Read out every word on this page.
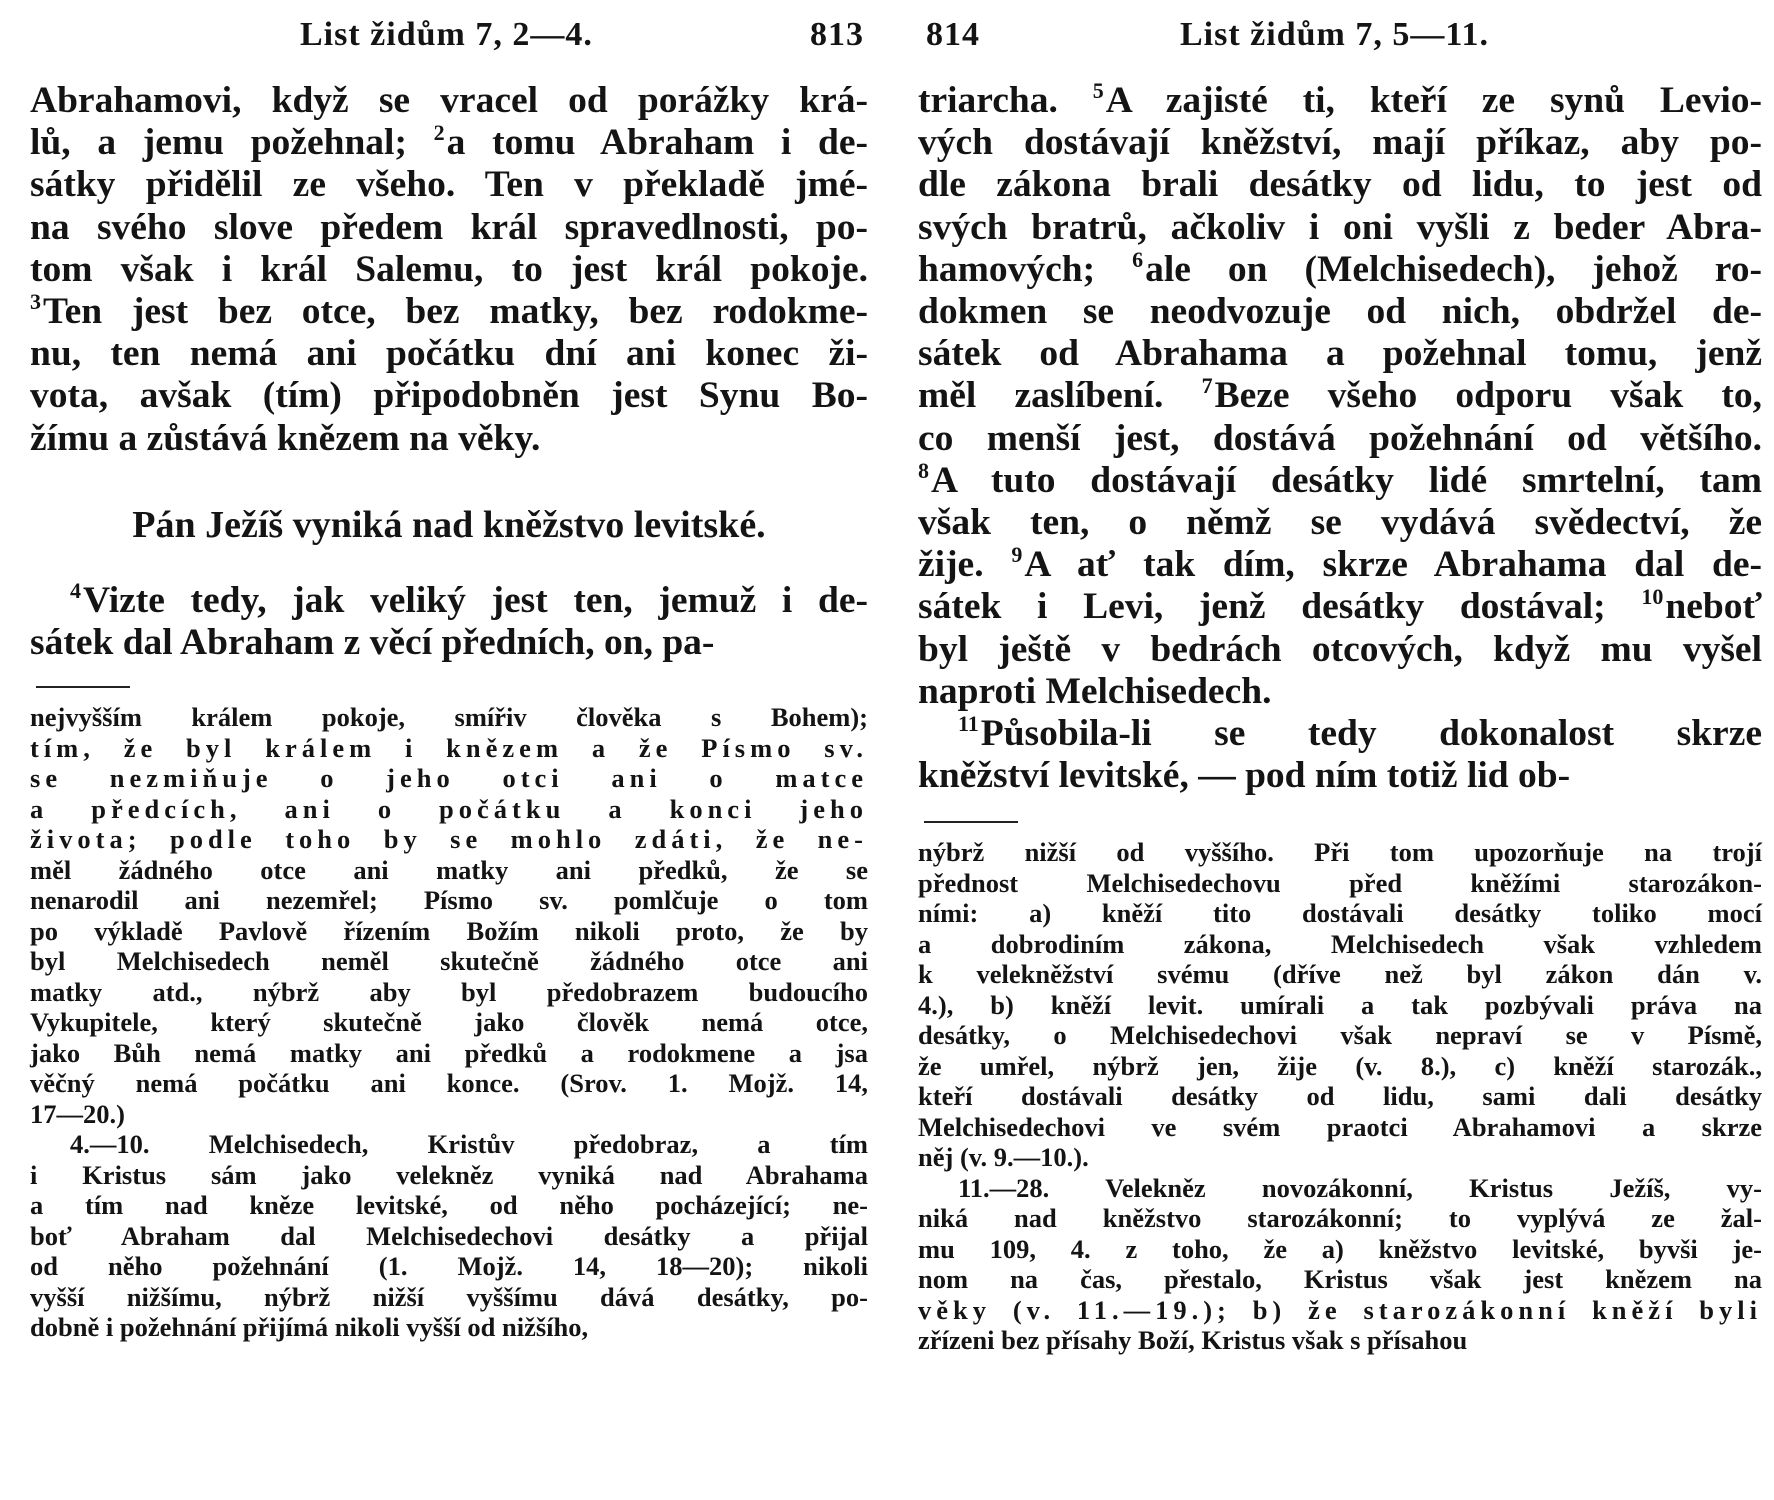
List židům 7, 2—4.	813
Abrahamovi, když se vracel od porážky krá-
lů, a jemu požehnal; $^2$a tomu Abraham i de-
sátky přidělil ze všeho. Ten v překladě jmé-
na svého slove předem král spravedlnosti, po-
tom však i král Salemu, to jest král pokoje.
$^3$Ten jest bez otce, bez matky, bez rodokme-
nu, ten nemá ani počátku dní ani konec ži-
vota, avšak (tím) připodobněn jest Synu Bo-
žímu a zůstává knězem na věky.
Pán Ježíš vyniká nad kněžstvo levitské.
$^4$Vizte tedy, jak veliký jest ten, jemuž i de-
sátek dal Abraham z věcí předních, on, pa-
nejvyšším králem pokoje, smířiv člověka s Bohem);
tím, že byl králem i knězem a že Písmo sv.
se nezmiňuje o jeho otci ani o matce
a předcích, ani o počátku a konci jeho
života; podle toho by se mohlo zdáti, že ne-
měl žádného otce ani matky ani předků, že se
nenarodil ani nezemřel; Písmo sv. pomlčuje o tom
po výkladě Pavlově řízením Božím nikoli proto, že by
byl Melchisedech neměl skutečně žádného otce ani
matky atd., nýbrž aby byl předobrazem budoucího
Vykupitele, který skutečně jako člověk nemá otce,
jako Bůh nemá matky ani předků a rodokmene a jsa
věčný nemá počátku ani konce. (Srov. 1. Mojž. 14,
17—20.)
4.—10. Melchisedech, Kristův předobraz, a tím
i Kristus sám jako velekněz vyniká nad Abrahama
a tím nad kněze levitské, od něho pocházející; ne-
boť Abraham dal Melchisedechovi desátky a přijal
od něho požehnání (1. Mojž. 14, 18—20); nikoli
vyšší nižšímu, nýbrž nižší vyššímu dává desátky, po-
dobně i požehnání přijímá nikoli vyšší od nižšího,
814	List židům 7, 5—11.
triarcha. $^5$A zajisté ti, kteří ze synů Levio-
vých dostávají kněžství, mají příkaz, aby po-
dle zákona brali desátky od lidu, to jest od
svých bratrů, ačkoliv i oni vyšli z beder Abra-
hamových; $^6$ale on (Melchisedech), jehož ro-
dokmen se neodvozuje od nich, obdržel de-
sátek od Abrahama a požehnal tomu, jenž
měl zaslíbení. $^7$Beze všeho odporu však to,
co menší jest, dostává požehnání od většího.
$^8$A tuto dostávají desátky lidé smrtelní, tam
však ten, o němž se vydává svědectví, že
žije. $^9$A ať tak dím, skrze Abrahama dal de-
sátek i Levi, jenž desátky dostával; $^{10}$neboť
byl ještě v bedrách otcových, když mu vyšel
naproti Melchisedech.
$^{11}$Působila-li se tedy dokonalost skrze
kněžství levitské, — pod ním totiž lid ob-
nýbrž nižší od vyššího. Při tom upozorňuje na trojí
přednost Melchisedechovu před kněžími starozákon-
ními: a) kněží tito dostávali desátky toliko mocí
a dobrodiním zákona, Melchisedech však vzhledem
k velekněžství svému (dříve než byl zákon dán v.
4.), b) kněží levit. umírali a tak pozbývali práva na
desátky, o Melchisedechovi však nepraví se v Písmě,
že umřel, nýbrž jen, žije (v. 8.), c) kněží starozák.,
kteří dostávali desátky od lidu, sami dali desátky
Melchisedechovi ve svém praotci Abrahamovi a skrze
něj (v. 9.—10.).
11.—28. Velekněz novozákonní, Kristus Ježíš, vy-
niká nad kněžstvo starozákonní; to vyplývá ze žal-
mu 109, 4. z toho, že a) kněžstvo levitské, byvši je-
nom na čas, přestalo, Kristus však jest knězem na
věky (v. 11.—19.); b) že starozákonní kněží byli
zřízeni bez přísahy Boží, Kristus však s přísahou
